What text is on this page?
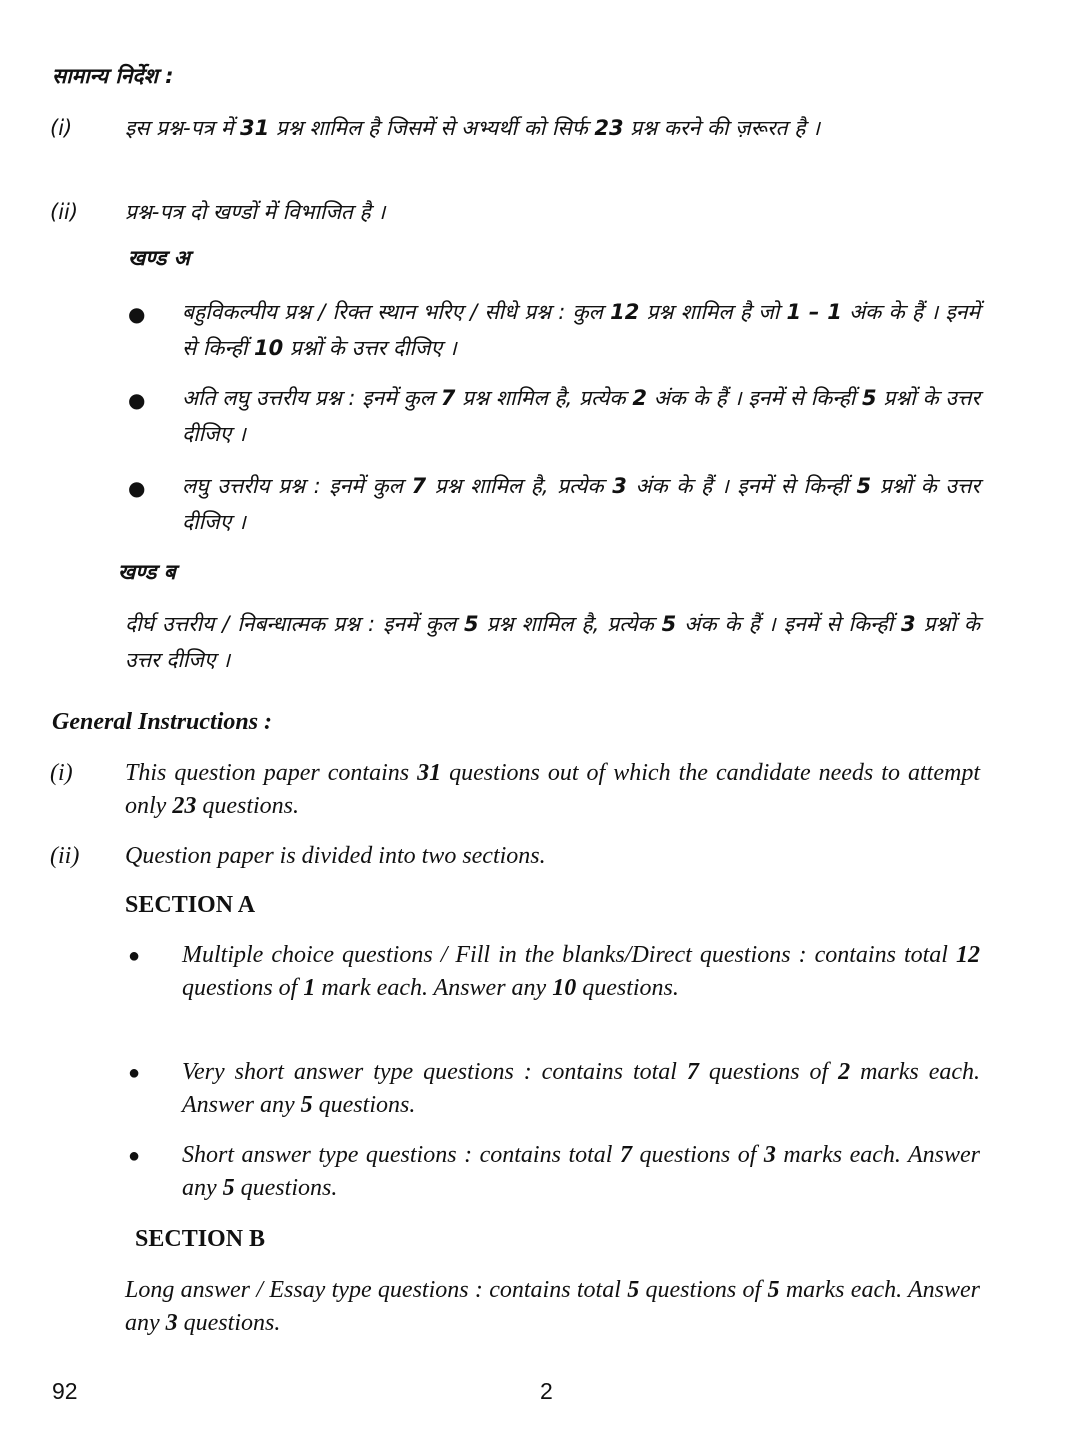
सामान्य निर्देश :
(i)	इस प्रश्न-पत्र में 31 प्रश्न शामिल है जिसमें से अभ्यर्थी को सिर्फ 23 प्रश्न करने की ज़रूरत है ।
(ii) प्रश्न-पत्र दो खण्डों में विभाजित है ।
खण्ड अ
● बहुविकल्पीय प्रश्न / रिक्त स्थान भरिए / सीधे प्रश्न : कुल 12 प्रश्न शामिल है जो 1 – 1 अंक के हैं । इनमें से किन्हीं 10 प्रश्नों के उत्तर दीजिए ।
● अति लघु उत्तरीय प्रश्न : इनमें कुल 7 प्रश्न शामिल है, प्रत्येक 2 अंक के हैं । इनमें से किन्हीं 5 प्रश्नों के उत्तर दीजिए ।
● लघु उत्तरीय प्रश्न : इनमें कुल 7 प्रश्न शामिल है, प्रत्येक 3 अंक के हैं । इनमें से किन्हीं 5 प्रश्नों के उत्तर दीजिए ।
खण्ड ब
दीर्घ उत्तरीय / निबन्धात्मक प्रश्न : इनमें कुल 5 प्रश्न शामिल है, प्रत्येक 5 अंक के हैं । इनमें से किन्हीं 3 प्रश्नों के उत्तर दीजिए ।
General Instructions :
(i) This question paper contains 31 questions out of which the candidate needs to attempt only 23 questions.
(ii) Question paper is divided into two sections.
SECTION A
● Multiple choice questions / Fill in the blanks/Direct questions : contains total 12 questions of 1 mark each. Answer any 10 questions.
● Very short answer type questions : contains total 7 questions of 2 marks each. Answer any 5 questions.
● Short answer type questions : contains total 7 questions of 3 marks each. Answer any 5 questions.
SECTION B
Long answer / Essay type questions : contains total 5 questions of 5 marks each. Answer any 3 questions.
92	2
